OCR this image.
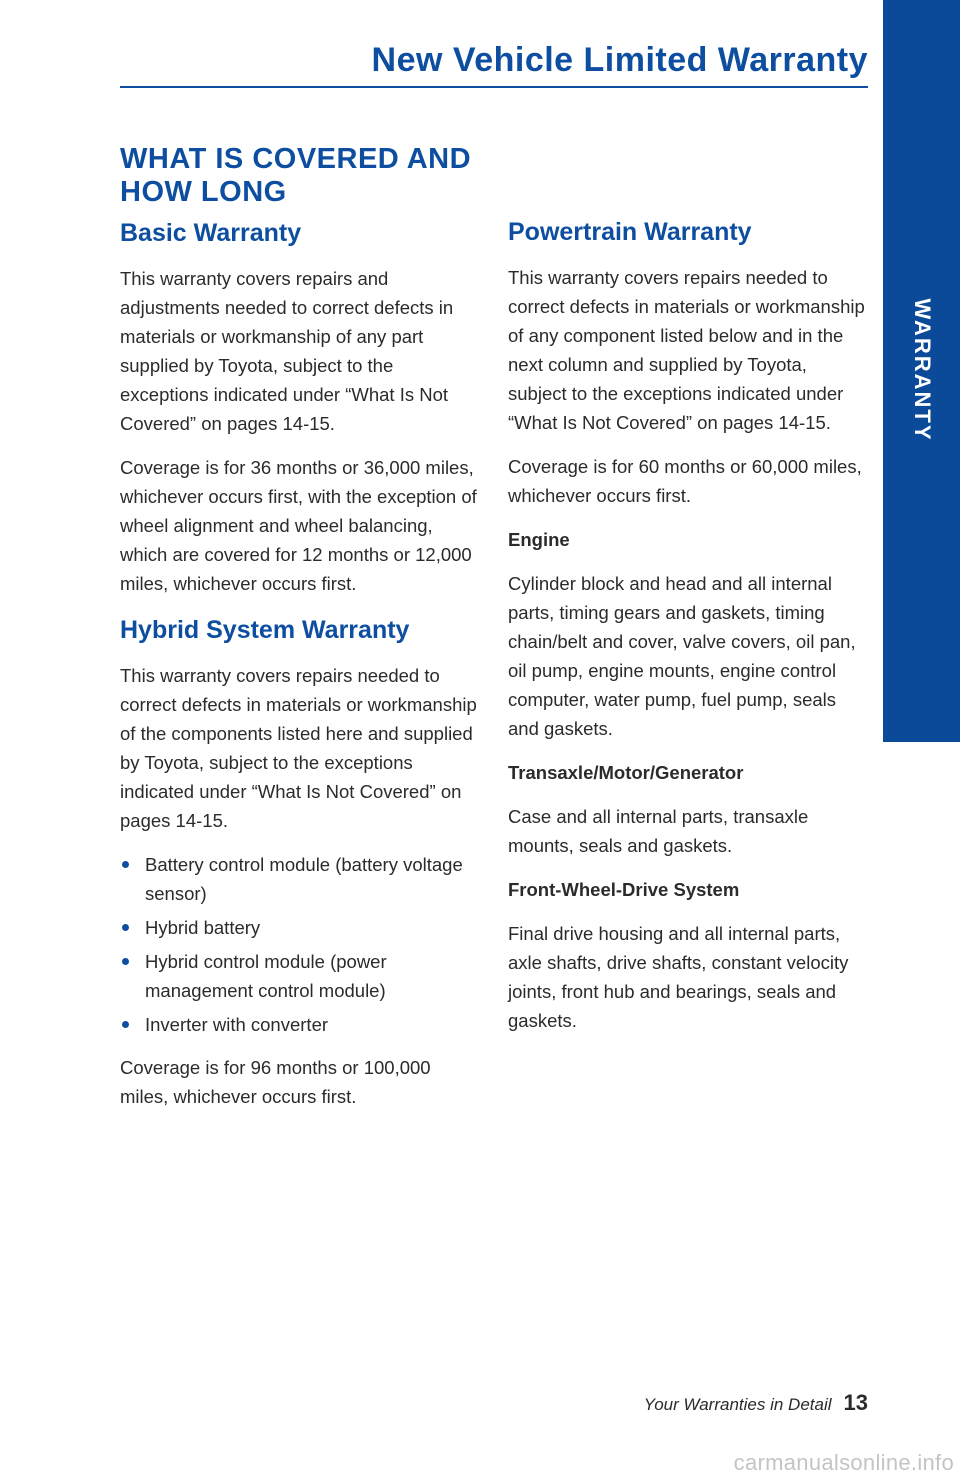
New Vehicle Limited Warranty
WARRANTY
WHAT IS COVERED AND
HOW LONG
Basic Warranty

This warranty covers repairs and adjustments needed to correct defects in materials or workmanship of any part supplied by Toyota, subject to the exceptions indicated under “What Is Not Covered” on pages 14-15.

Coverage is for 36 months or 36,000 miles, whichever occurs first, with the exception of wheel alignment and wheel balancing, which are covered for 12 months or 12,000 miles, whichever occurs first.

Hybrid System Warranty

This warranty covers repairs needed to correct defects in materials or workmanship of the components listed here and supplied by Toyota, subject to the exceptions indicated under “What Is Not Covered” on pages 14-15.

Battery control module (battery voltage sensor)
Hybrid battery
Hybrid control module (power management control module)
Inverter with converter

Coverage is for 96 months or 100,000 miles, whichever occurs first.

Powertrain Warranty

This warranty covers repairs needed to correct defects in materials or workmanship of any component listed below and in the next column and supplied by Toyota, subject to the exceptions indicated under “What Is Not Covered” on pages 14-15.

Coverage is for 60 months or 60,000 miles, whichever occurs first.

Engine

Cylinder block and head and all internal parts, timing gears and gaskets, timing chain/belt and cover, valve covers, oil pan, oil pump, engine mounts, engine control computer, water pump, fuel pump, seals and gaskets.

Transaxle/Motor/Generator

Case and all internal parts, transaxle mounts, seals and gaskets.

Front-Wheel-Drive System

Final drive housing and all internal parts, axle shafts, drive shafts, constant velocity joints, front hub and bearings, seals and gaskets.

Your Warranties in Detail 13
carmanualsonline.info
